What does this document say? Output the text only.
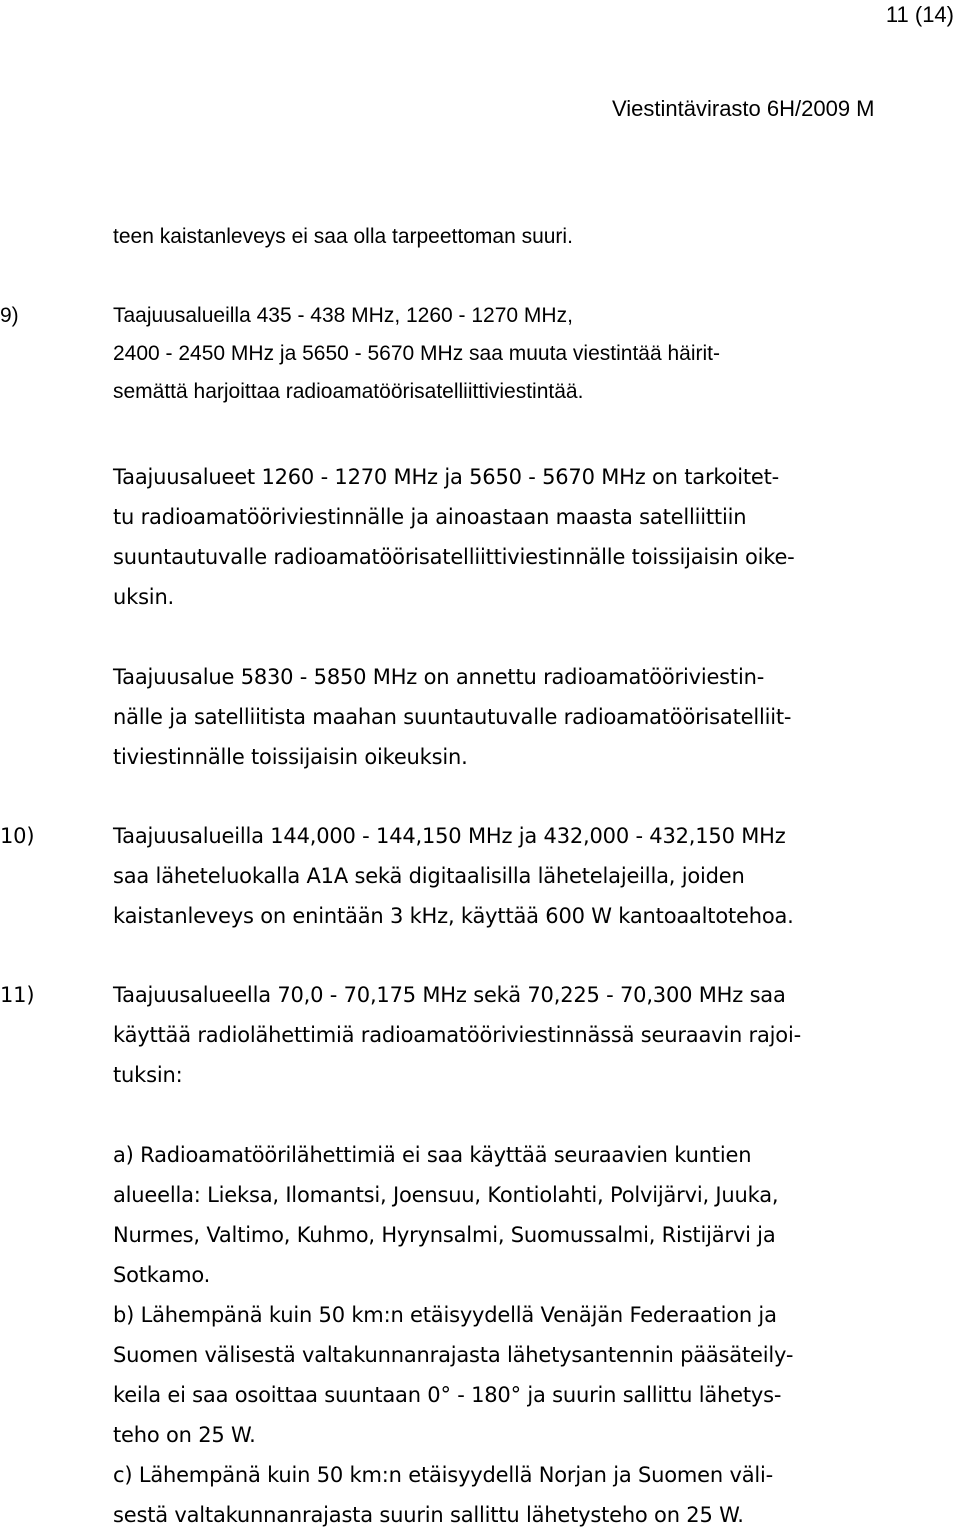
11 (14)
Viestintävirasto 6H/2009 M
teen kaistanleveys ei saa olla tarpeettoman suuri.
9)	Taajuusalueilla 435 - 438 MHz, 1260 - 1270 MHz,
2400 - 2450 MHz ja 5650 - 5670 MHz saa muuta viestintää häirit-
semättä harjoittaa radioamatöörisatelliittiviestintää.
Taajuusalueet 1260 - 1270 MHz ja 5650 - 5670 MHz on tarkoitet-
tu radioamatööriviestinnälle ja ainoastaan maasta satelliittiin
suuntautuvalle radioamatöörisatelliittiviestinnälle toissijaisin oike-
uksin.
Taajuusalue 5830 - 5850 MHz on annettu radioamatööriviestin-
nälle ja satelliitista maahan suuntautuvalle radioamatöörisatelliit-
tiviestinnälle toissijaisin oikeuksin.
10)	Taajuusalueilla 144,000 - 144,150 MHz ja 432,000 - 432,150 MHz
saa läheteluokalla A1A sekä digitaalisilla lähetelajeilla, joiden
kaistanleveys on enintään 3 kHz, käyttää 600 W kantoaaltotehoa.
11)	Taajuusalueella 70,0 - 70,175 MHz sekä 70,225 - 70,300 MHz saa
käyttää radiolähettimiä radioamatööriviestinnässä seuraavin rajoi-
tuksin:
a) Radioamatöörilähettimiä ei saa käyttää seuraavien kuntien
alueella: Lieksa, Ilomantsi, Joensuu, Kontiolahti, Polvijärvi, Juuka,
Nurmes, Valtimo, Kuhmo, Hyrynsalmi, Suomussalmi, Ristijärvi ja
Sotkamo.
b) Lähempänä kuin 50 km:n etäisyydellä Venäjän Federaation ja
Suomen välisestä valtakunnanrajasta lähetysantennin pääsäteily-
keila ei saa osoittaa suuntaan 0° - 180° ja suurin sallittu lähetys-
teho on 25 W.
c) Lähempänä kuin 50 km:n etäisyydellä Norjan ja Suomen väli-
sestä valtakunnanrajasta suurin sallittu lähetysteho on 25 W.
